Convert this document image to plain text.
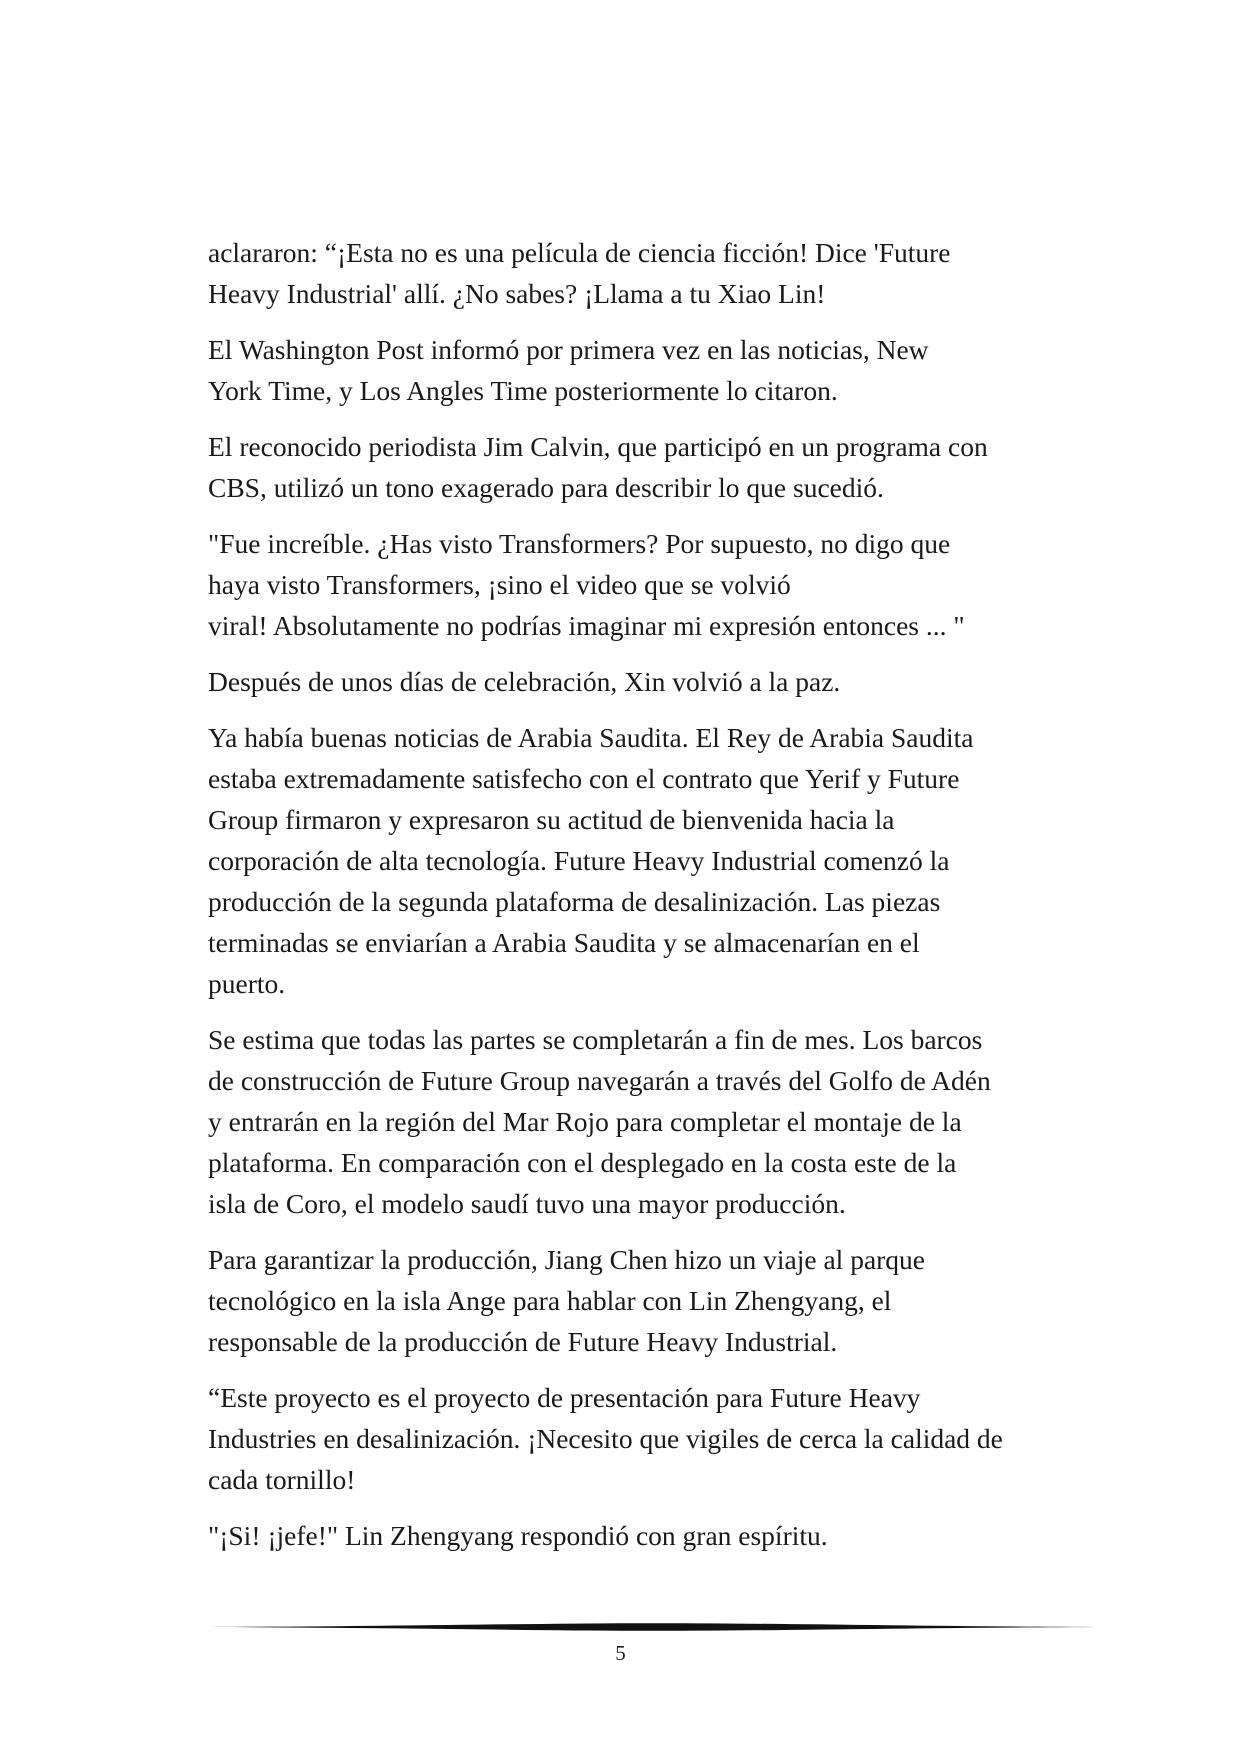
aclararon: “¡Esta no es una película de ciencia ficción! Dice 'Future
Heavy Industrial' allí. ¿No sabes? ¡Llama a tu Xiao Lin!

El Washington Post informó por primera vez en las noticias, New
York Time, y Los Angles Time posteriormente lo citaron.

El reconocido periodista Jim Calvin, que participó en un programa con
CBS, utilizó un tono exagerado para describir lo que sucedió.

"Fue increíble. ¿Has visto Transformers? Por supuesto, no digo que
haya visto Transformers, ¡sino el video que se volvió
viral! Absolutamente no podrías imaginar mi expresión entonces ... "

Después de unos días de celebración, Xin volvió a la paz.

Ya había buenas noticias de Arabia Saudita. El Rey de Arabia Saudita
estaba extremadamente satisfecho con el contrato que Yerif y Future
Group firmaron y expresaron su actitud de bienvenida hacia la
corporación de alta tecnología. Future Heavy Industrial comenzó la
producción de la segunda plataforma de desalinización. Las piezas
terminadas se enviarían a Arabia Saudita y se almacenarían en el
puerto.

Se estima que todas las partes se completarán a fin de mes. Los barcos
de construcción de Future Group navegarán a través del Golfo de Adén
y entrarán en la región del Mar Rojo para completar el montaje de la
plataforma. En comparación con el desplegado en la costa este de la
isla de Coro, el modelo saudí tuvo una mayor producción.

Para garantizar la producción, Jiang Chen hizo un viaje al parque
tecnológico en la isla Ange para hablar con Lin Zhengyang, el
responsable de la producción de Future Heavy Industrial.

“Este proyecto es el proyecto de presentación para Future Heavy
Industries en desalinización. ¡Necesito que vigiles de cerca la calidad de
cada tornillo!

"¡Si! ¡jefe!" Lin Zhengyang respondió con gran espíritu.

5
